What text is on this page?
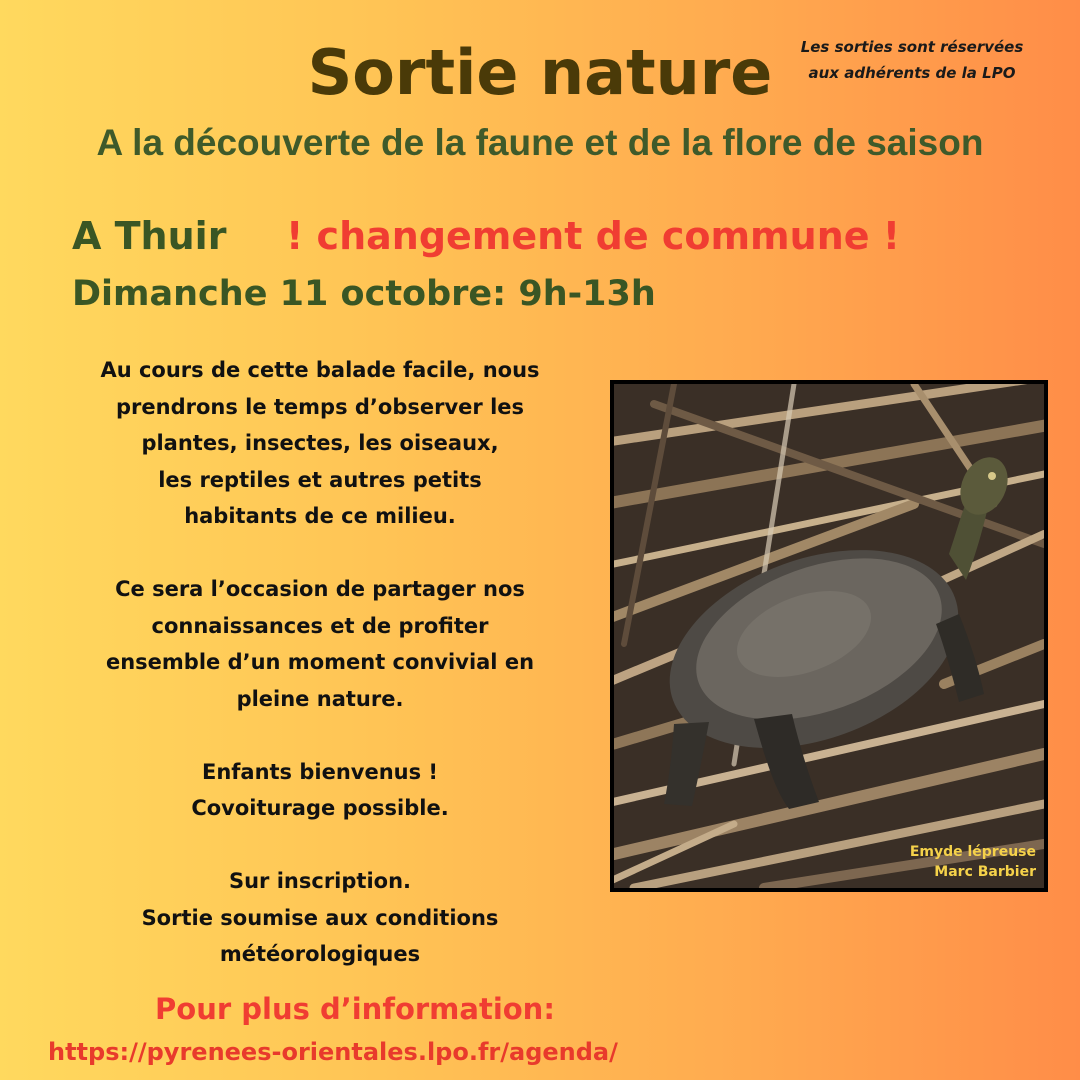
Sortie nature	Les sorties sont réservées
aux adhérents de la LPO
A la découverte de la faune et de la flore de saison
A Thuir ! changement de commune !
Dimanche 11 octobre: 9h-13h

Au cours de cette balade facile, nous

prendrons le temps d’observer les

plantes, insectes, les oiseaux,

les reptiles et autres petits

habitants de ce milieu.

Ce sera l’occasion de partager nos

connaissances et de profiter

ensemble d’un moment convivial en

pleine nature.

Enfants bienvenus !

Covoiturage possible.

Sur inscription.

Sortie soumise aux conditions

météorologiques

Emyde lépreuse
Marc Barbier
Pour plus d’information:
https://pyrenees-orientales.lpo.fr/agenda/
